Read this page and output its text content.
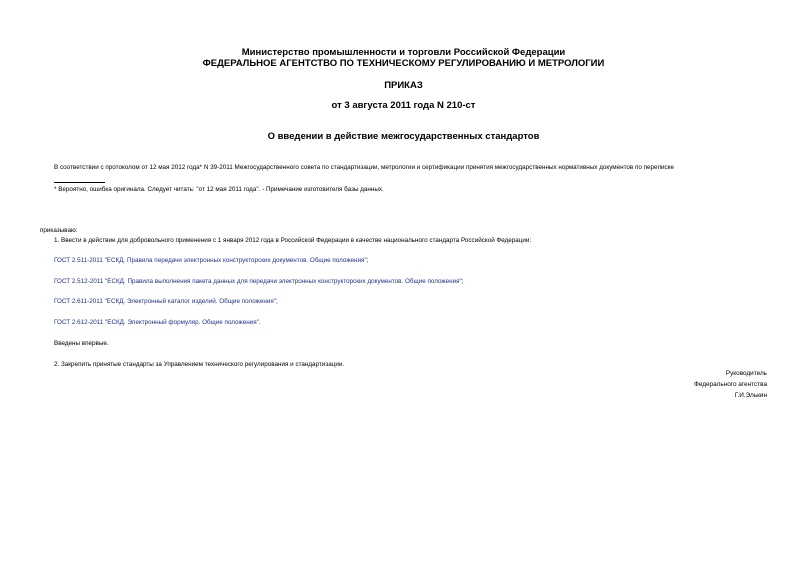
Министерство промышленности и торговли Российской Федерации
ФЕДЕРАЛЬНОЕ АГЕНТСТВО ПО ТЕХНИЧЕСКОМУ РЕГУЛИРОВАНИЮ И МЕТРОЛОГИИ
ПРИКАЗ
от 3 августа 2011 года N 210-ст
О введении в действие межгосударственных стандартов
В соответствии с протоколом от 12 мая 2012 года* N 39-2011 Межгосударственного совета по стандартизации, метрологии и сертификации принятия межгосударственных нормативных документов по переписке
* Вероятно, ошибка оригинала. Следует читать: "от 12 мая 2011 года". - Примечание изготовителя базы данных.
приказываю:
1. Ввести в действие для добровольного применения с 1 января 2012 года в Российской Федерации в качестве национального стандарта Российской Федерации:
ГОСТ 2.511-2011 "ЕСКД. Правила передачи электронных конструкторских документов. Общие положения";
ГОСТ 2.512-2011 "ЕСКД. Правила выполнения пакета данных для передачи электронных конструкторских документов. Общие положения";
ГОСТ 2.611-2011 "ЕСКД. Электронный каталог изделий. Общие положения";
ГОСТ 2.612-2011 "ЕСКД. Электронный формуляр. Общие положения".
Введены впервые.
2. Закрепить принятые стандарты за Управлением технического регулирования и стандартизации.
Руководитель
Федерального агентства
Г.И.Элькин
